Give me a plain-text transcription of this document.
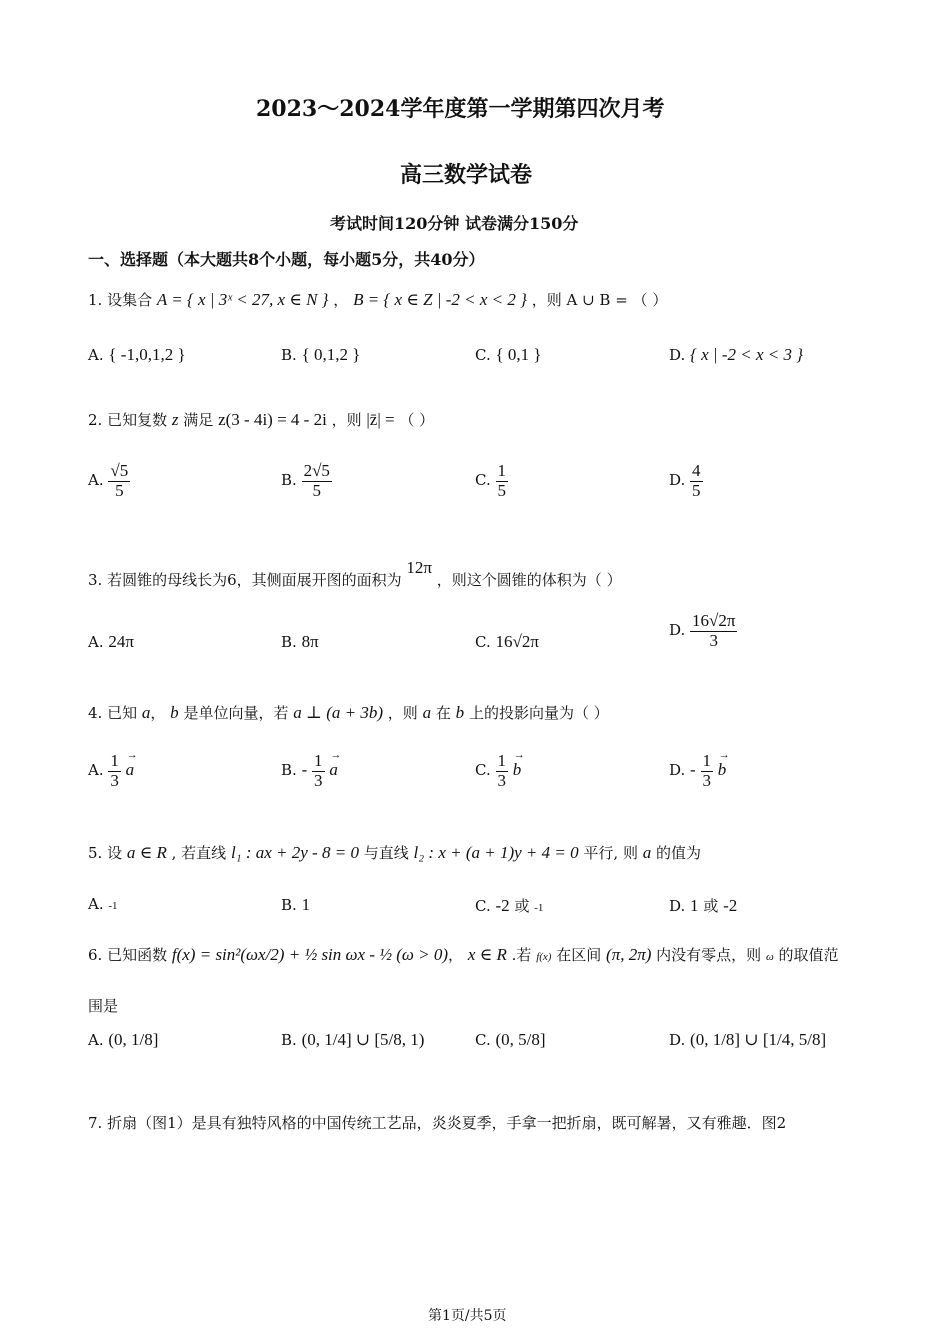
2023～2024学年度第一学期第四次月考
高三数学试卷
考试时间120分钟 试卷满分150分
一、选择题（本大题共8个小题，每小题5分，共40分）
1. 设集合 A = { x | 3ˣ < 27, x ∈ N } ， B = { x ∈ Z | -2 < x < 2 } ，则 A ∪ B = （ ）
A. { -1,0,1,2 }	B. { 0,1,2 }	C. { 0,1 }	D. { x | -2 < x < 3 }
2. 已知复数 z 满足 z(3 - 4i) = 4 - 2i ，则 |z̄| = （ ）
A. $\frac{√5}{5}$	B. $\frac{2√5}{5}$	C. $\frac{1}{5}$	D. $\frac{4}{5}$
3. 若圆锥的母线长为6，其侧面展开图的面积为 12π ，则这个圆锥的体积为（ ）
A. 24π	B. 8π	C. 16√2π
D. $\frac{16√2\pi}{3}$
4. 已知 a， b 是单位向量，若 a ⊥ (a + 3b) ，则 a 在 b 上的投影向量为（ ）
A. $\frac{1}{3}$
→ a	B. - $\frac{1}{3}$
→ a	C. $\frac{1}{3}$
→ b	D. - $\frac{1}{3}$
→ b
5. 设 a ∈ R , 若直线 l₁ : ax + 2y - 8 = 0 与直线 l₂ : x + (a + 1)y + 4 = 0 平行, 则 a 的值为
A. -1	B. 1	C. -2 或 -1	D. 1 或 -2
6. 已知函数 f(x) = sin²(ωx/2) + ½ sin ωx - ½ (ω > 0)， x ∈ R .若 f(x) 在区间 (π, 2π) 内没有零点，则 ω 的取值范
围是
A. (0, 1/8]	B. (0, 1/4] ∪ [5/8, 1)	C. (0, 5/8]	D. (0, 1/8] ∪ [1/4, 5/8]
7. 折扇（图1）是具有独特风格的中国传统工艺品，炎炎夏季，手拿一把折扇，既可解暑，又有雅趣．图2
第1页/共5页
